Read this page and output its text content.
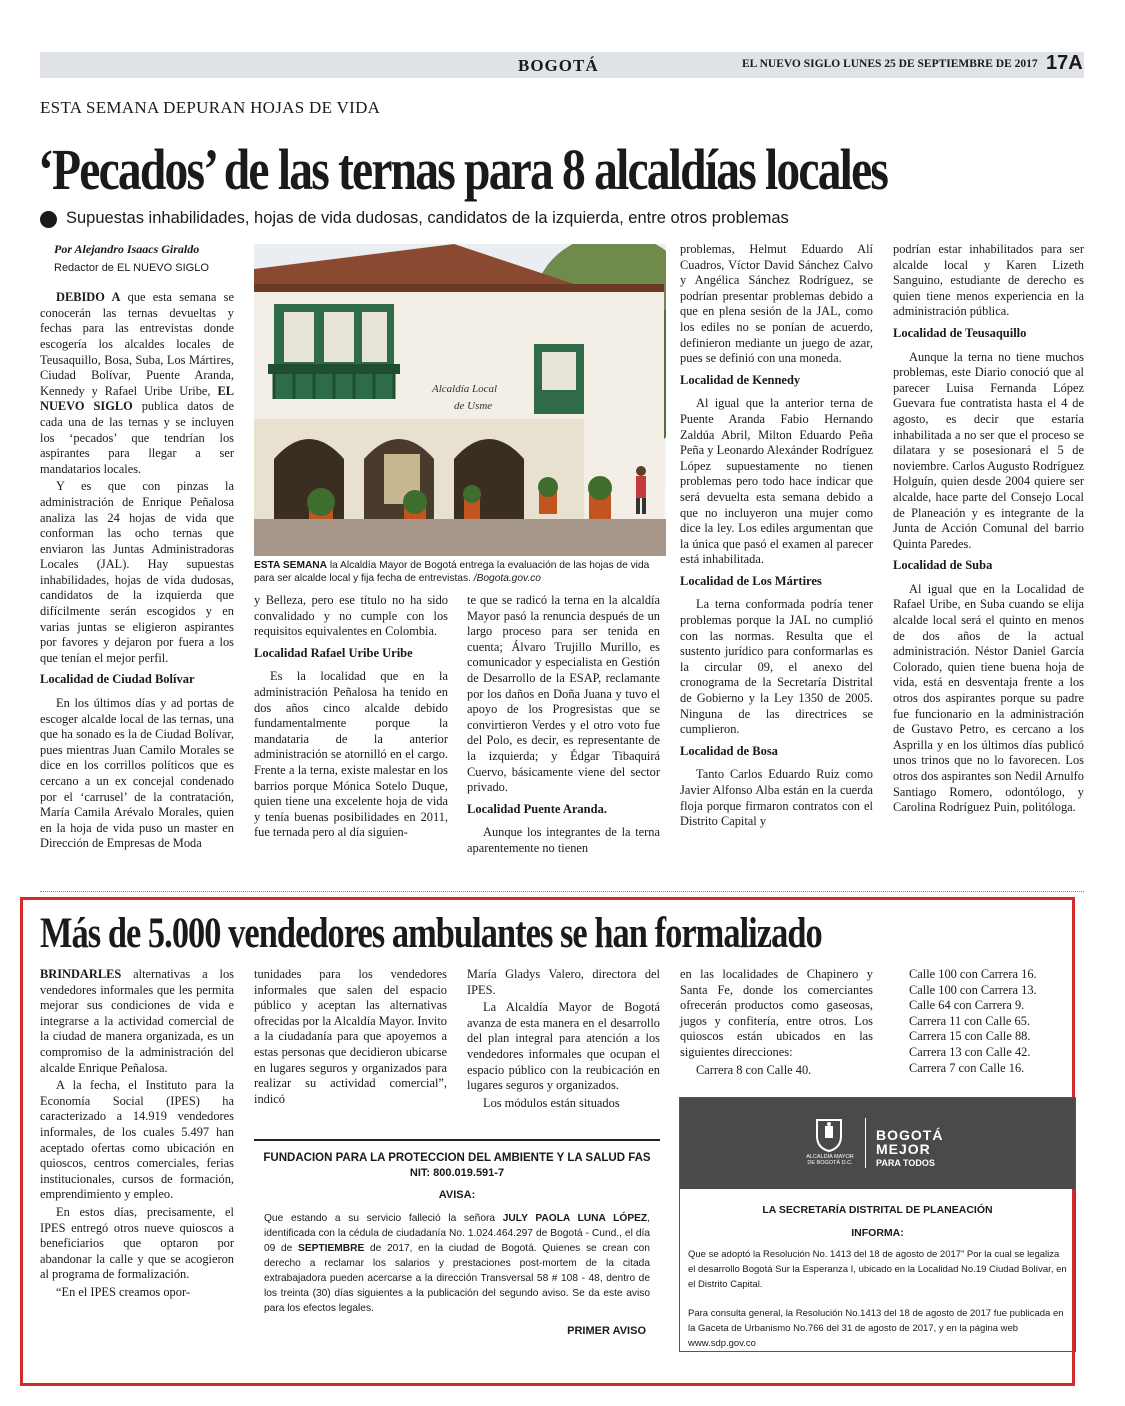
BOGOTÁ	EL NUEVO SIGLO LUNES 25 DE SEPTIEMBRE DE 2017 17A
ESTA SEMANA DEPURAN HOJAS DE VIDA
‘Pecados’ de las ternas para 8 alcaldías locales
Supuestas inhabilidades, hojas de vida dudosas, candidatos de la izquierda, entre otros problemas
Por Alejandro Isaacs Giraldo
Redactor de EL NUEVO SIGLO

DEBIDO A que esta semana se conocerán las ternas devueltas y fechas para las entrevistas donde escogería los alcaldes locales de Teusaquillo, Bosa, Suba, Los Mártires, Ciudad Bolívar, Puente Aranda, Kennedy y Rafael Uribe Uribe, EL NUEVO SIGLO publica datos de cada una de las ternas y se incluyen los ‘pecados’ que tendrían los aspirantes para llegar a ser mandatarios locales.

Y es que con pinzas la administración de Enrique Peñalosa analiza las 24 hojas de vida que conforman las ocho ternas que enviaron las Juntas Administradoras Locales (JAL). Hay supuestas inhabilidades, hojas de vida dudosas, candidatos de la izquierda que difícilmente serán escogidos y en varias juntas se eligieron aspirantes por favores y dejaron por fuera a los que tenían el mejor perfil.

Localidad de Ciudad Bolívar

En los últimos días y ad portas de escoger alcalde local de las ternas, una que ha sonado es la de Ciudad Bolívar, pues mientras Juan Camilo Morales se dice en los corrillos políticos que es cercano a un ex concejal condenado por el ‘carrusel’ de la contratación, María Camila Arévalo Morales, quien en la hoja de vida puso un master en Dirección de Empresas de Moda

Alcaldía Local
de Usme
ESTA SEMANA la Alcaldía Mayor de Bogotá entrega la evaluación de las hojas de vida para ser alcalde local y fija fecha de entrevistas. /Bogota.gov.co

y Belleza, pero ese título no ha sido convalidado y no cumple con los requisitos equivalentes en Colombia.

Localidad Rafael Uribe Uribe

Es la localidad que en la administración Peñalosa ha tenido en dos años cinco alcalde debido fundamentalmente porque la mandataria de la anterior administración se atornilló en el cargo. Frente a la terna, existe malestar en los barrios porque Mónica Sotelo Duque, quien tiene una excelente hoja de vida y tenía buenas posibilidades en 2011, fue ternada pero al día siguien-

te que se radicó la terna en la alcaldía Mayor pasó la renuncia después de un largo proceso para ser tenida en cuenta; Álvaro Trujillo Murillo, es comunicador y especialista en Gestión de Desarrollo de la ESAP, reclamante por los daños en Doña Juana y tuvo el apoyo de los Progresistas que se convirtieron Verdes y el otro voto fue del Polo, es decir, es representante de la izquierda; y Édgar Tibaquirá Cuervo, básicamente viene del sector privado.

Localidad Puente Aranda.

Aunque los integrantes de la terna aparentemente no tienen

problemas, Helmut Eduardo Alí Cuadros, Víctor David Sánchez Calvo y Angélica Sánchez Rodríguez, se podrían presentar problemas debido a que en plena sesión de la JAL, como los ediles no se ponían de acuerdo, definieron mediante un juego de azar, pues se definió con una moneda.

Localidad de Kennedy

Al igual que la anterior terna de Puente Aranda Fabio Hernando Zaldúa Abril, Milton Eduardo Peña Peña y Leonardo Alexánder Rodríguez López supuestamente no tienen problemas pero todo hace indicar que será devuelta esta semana debido a que no incluyeron una mujer como dice la ley. Los ediles argumentan que la única que pasó el examen al parecer está inhabilitada.

Localidad de Los Mártires

La terna conformada podría tener problemas porque la JAL no cumplió con las normas. Resulta que el sustento jurídico para conformarlas es la circular 09, el anexo del cronograma de la Secretaría Distrital de Gobierno y la Ley 1350 de 2005. Ninguna de las directrices se cumplieron.

Localidad de Bosa

Tanto Carlos Eduardo Ruiz como Javier Alfonso Alba están en la cuerda floja porque firmaron contratos con el Distrito Capital y

podrían estar inhabilitados para ser alcalde local y Karen Lizeth Sanguino, estudiante de derecho es quien tiene menos experiencia en la administración pública.

Localidad de Teusaquillo

Aunque la terna no tiene muchos problemas, este Diario conoció que al parecer Luisa Fernanda López Guevara fue contratista hasta el 4 de agosto, es decir que estaría inhabilitada a no ser que el proceso se dilatara y se posesionará el 5 de noviembre. Carlos Augusto Rodríguez Holguín, quien desde 2004 quiere ser alcalde, hace parte del Consejo Local de Planeación y es integrante de la Junta de Acción Comunal del barrio Quinta Paredes.

Localidad de Suba

Al igual que en la Localidad de Rafael Uribe, en Suba cuando se elija alcalde local será el quinto en menos de dos años de la actual administración. Néstor Daniel García Colorado, quien tiene buena hoja de vida, está en desventaja frente a los otros dos aspirantes porque su padre fue funcionario en la administración de Gustavo Petro, es cercano a los Asprilla y en los últimos días publicó unos trinos que no lo favorecen. Los otros dos aspirantes son Nedil Arnulfo Santiago Romero, odontólogo, y Carolina Rodríguez Puin, politóloga.

Más de 5.000 vendedores ambulantes se han formalizado

BRINDARLES alternativas a los vendedores informales que les permita mejorar sus condiciones de vida e integrarse a la actividad comercial de la ciudad de manera organizada, es un compromiso de la administración del alcalde Enrique Peñalosa.

A la fecha, el Instituto para la Economía Social (IPES) ha caracterizado a 14.919 vendedores informales, de los cuales 5.497 han aceptado ofertas como ubicación en quioscos, centros comerciales, ferias institucionales, cursos de formación, emprendimiento y empleo.

En estos días, precisamente, el IPES entregó otros nueve quioscos a beneficiarios que optaron por abandonar la calle y que se acogieron al programa de formalización.

“En el IPES creamos opor-

tunidades para los vendedores informales que salen del espacio público y aceptan las alternativas ofrecidas por la Alcaldía Mayor. Invito a la ciudadanía para que apoyemos a estas personas que decidieron ubicarse en lugares seguros y organizados para realizar su actividad comercial”, indicó

María Gladys Valero, directora del IPES.

La Alcaldía Mayor de Bogotá avanza de esta manera en el desarrollo del plan integral para atención a los vendedores informales que ocupan el espacio público con la reubicación en lugares seguros y organizados.

Los módulos están situados

en las localidades de Chapinero y Santa Fe, donde los comerciantes ofrecerán productos como gaseosas, jugos y confitería, entre otros. Los quioscos están ubicados en las siguientes direcciones:

Carrera 8 con Calle 40.

Calle 100 con Carrera 16.
Calle 100 con Carrera 13.
Calle 64 con Carrera 9.
Carrera 11 con Calle 65.
Carrera 15 con Calle 88.
Carrera 13 con Calle 42.
Carrera 7 con Calle 16.
FUNDACION PARA LA PROTECCION DEL AMBIENTE Y LA SALUD FAS
NIT: 800.019.591-7
AVISA:
Que estando a su servicio falleció la señora JULY PAOLA LUNA LÓPEZ, identificada con la cédula de ciudadanía No. 1.024.464.297 de Bogotá - Cund., el día 09 de SEPTIEMBRE de 2017, en la ciudad de Bogotá. Quienes se crean con derecho a reclamar los salarios y prestaciones post-mortem de la citada extrabajadora pueden acercarse a la dirección Transversal 58 # 108 - 48, dentro de los treinta (30) días siguientes a la publicación del segundo aviso. Se da este aviso para los efectos legales.
PRIMER AVISO
ALCALDÍA MAYOR DE BOGOTÁ D.C.
BOGOTÁ
MEJOR
PARA TODOS
LA SECRETARÍA DISTRITAL DE PLANEACIÓN
INFORMA:
Que se adoptó la Resolución No. 1413 del 18 de agosto de 2017” Por la cual se legaliza el desarrollo Bogotá Sur la Esperanza I, ubicado en la Localidad No.19 Ciudad Bolívar, en el Distrito Capital.
Para consulta general, la Resolución No.1413 del 18 de agosto de 2017 fue publicada en la Gaceta de Urbanismo No.766 del 31 de agosto de 2017, y en la página web www.sdp.gov.co
